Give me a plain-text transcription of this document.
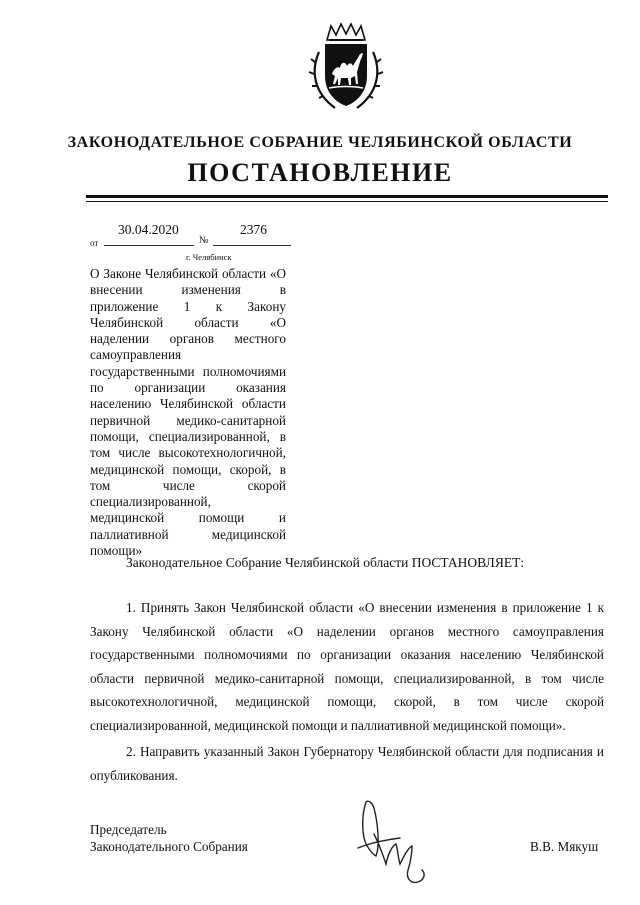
ЗАКОНОДАТЕЛЬНОЕ СОБРАНИЕ ЧЕЛЯБИНСКОЙ ОБЛАСТИ
ПОСТАНОВЛЕНИЕ
30.04.2020	2376
от	№
г. Челябинск
О Законе Челябинской области «О внесении изменения в приложение 1 к Закону Челябинской области «О наделении органов местного самоуправления государственными полномочиями по организации оказания населению Челябинской области первичной медико-санитарной помощи, специализированной, в том числе высокотехнологичной, медицинской помощи, скорой, в том числе скорой специализированной, медицинской помощи и паллиативной медицинской помощи»
Законодательное Собрание Челябинской области ПОСТАНОВЛЯЕТ:
1. Принять Закон Челябинской области «О внесении изменения в приложение 1 к Закону Челябинской области «О наделении органов местного самоуправления государственными полномочиями по организации оказания населению Челябинской области первичной медико-санитарной помощи, специализированной, в том числе высокотехнологичной, медицинской помощи, скорой, в том числе скорой специализированной, медицинской помощи и паллиативной медицинской помощи».
2. Направить указанный Закон Губернатору Челябинской области для подписания и опубликования.
Председатель
Законодательного Собрания	В.В. Мякуш
